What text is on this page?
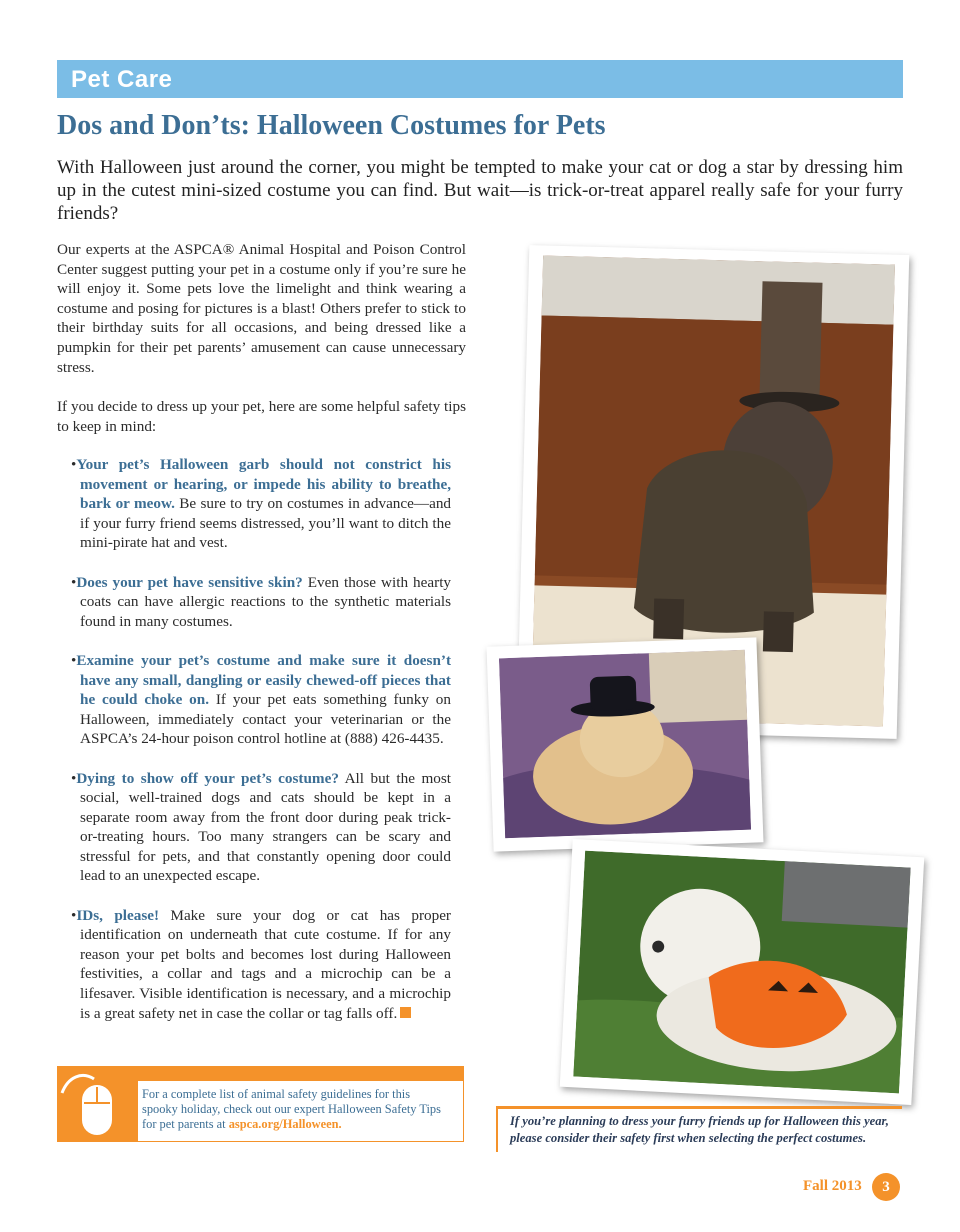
Pet Care
Dos and Don’ts: Halloween Costumes for Pets

With Halloween just around the corner, you might be tempted to make your cat or dog a star by dressing him up in the cutest mini-sized costume you can find. But wait—is trick-or-treat apparel really safe for your furry friends?

Our experts at the ASPCA® Animal Hospital and Poison Control Center suggest putting your pet in a costume only if you’re sure he will enjoy it. Some pets love the limelight and think wearing a costume and posing for pictures is a blast! Others prefer to stick to their birthday suits for all occasions, and being dressed like a pumpkin for their pet parents’ amusement can cause unnecessary stress.

If you decide to dress up your pet, here are some helpful safety tips to keep in mind:

•Your pet’s Halloween garb should not constrict his movement or hearing, or impede his ability to breathe, bark or meow. Be sure to try on costumes in advance—and if your furry friend seems distressed, you’ll want to ditch the mini-pirate hat and vest.
•Does your pet have sensitive skin? Even those with hearty coats can have allergic reactions to the synthetic materials found in many costumes.
•Examine your pet’s costume and make sure it doesn’t have any small, dangling or easily chewed-off pieces that he could choke on. If your pet eats something funky on Halloween, immediately contact your veterinarian or the ASPCA’s 24-hour poison control hotline at (888) 426-4435.
•Dying to show off your pet’s costume? All but the most social, well-trained dogs and cats should be kept in a separate room away from the front door during peak trick-or-treating hours. Too many strangers can be scary and stressful for pets, and that constantly opening door could lead to an unexpected escape.
•IDs, please! Make sure your dog or cat has proper identification on underneath that cute costume. If for any reason your pet bolts and becomes lost during Halloween festivities, a collar and tags and a microchip can be a lifesaver. Visible identification is necessary, and a microchip is a great safety net in case the collar or tag falls off.
For a complete list of animal safety guidelines for this spooky holiday, check out our expert Halloween Safety Tips for pet parents at aspca.org/Halloween.	If you’re planning to dress your furry friends up for Halloween this year, please consider their safety first when selecting the perfect costumes.
Fall 2013	3
